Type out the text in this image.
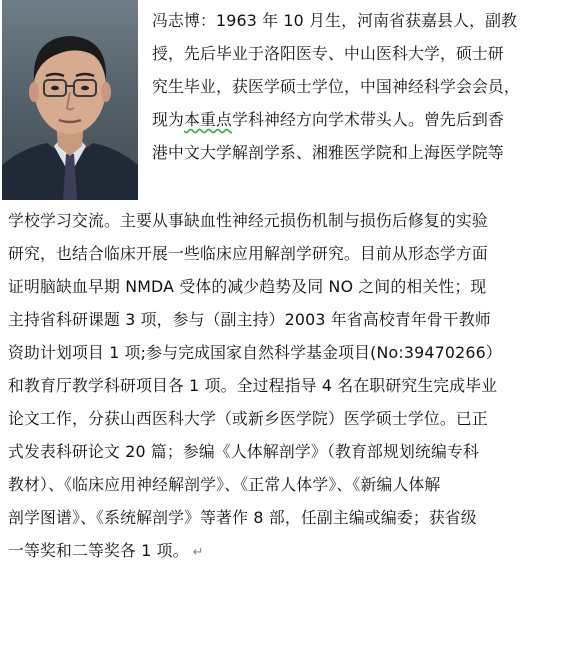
冯志博：1963 年 10 月生，河南省获嘉县人，副教
授，先后毕业于洛阳医专、中山医科大学，硕士研
究生毕业，获医学硕士学位，中国神经科学会会员，
现为本重点学科神经方向学术带头人。曾先后到香
港中文大学解剖学系、湘雅医学院和上海医学院等
学校学习交流。主要从事缺血性神经元损伤机制与损伤后修复的实验
研究，也结合临床开展一些临床应用解剖学研究。目前从形态学方面
证明脑缺血早期 NMDA 受体的减少趋势及同 NO 之间的相关性；现
主持省科研课题 3 项，参与（副主持）2003 年省高校青年骨干教师
资助计划项目 1 项;参与完成国家自然科学基金项目(No:39470266）
和教育厅教学科研项目各 1 项。全过程指导 4 名在职研究生完成毕业
论文工作，分获山西医科大学（或新乡医学院）医学硕士学位。已正
式发表科研论文 20 篇；参编《人体解剖学》（教育部规划统编专科
教材）、《临床应用神经解剖学》、《正常人体学》、《新编人体解
剖学图谱》、《系统解剖学》等著作 8 部，任副主编或编委；获省级
一等奖和二等奖各 1 项。 ↵
